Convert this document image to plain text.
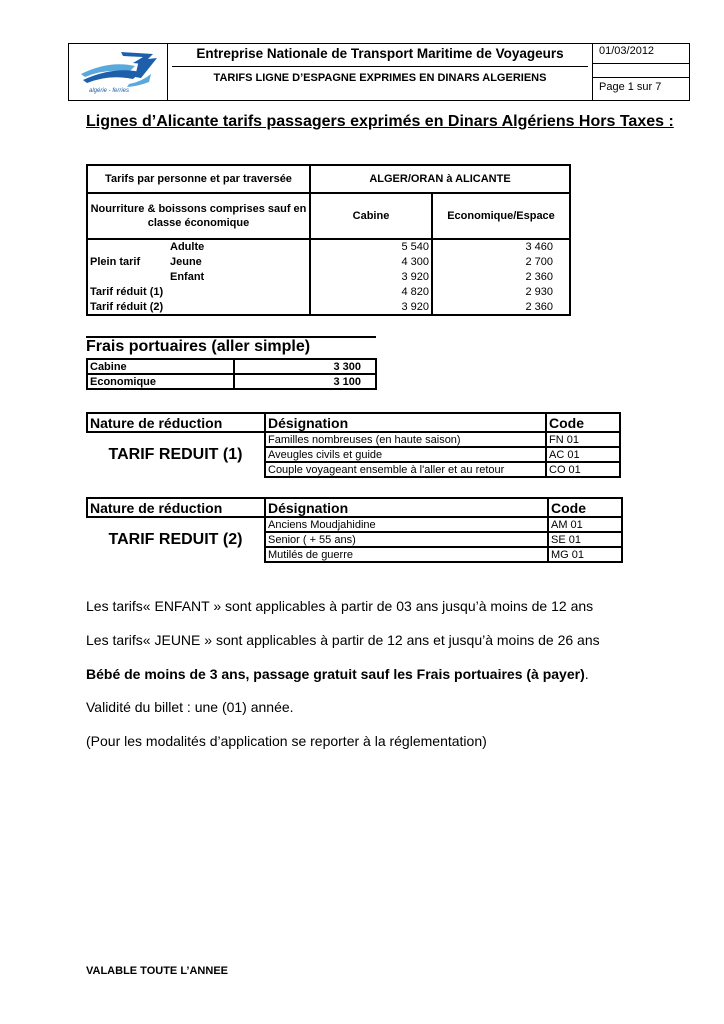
algérie - ferries
Entreprise Nationale de Transport Maritime de Voyageurs
TARIFS LIGNE D’ESPAGNE EXPRIMES EN DINARS ALGERIENS
01/03/2012
Page 1 sur 7
Lignes d’Alicante tarifs passagers exprimés en Dinars Algériens Hors Taxes :
Tarifs par personne et par traversée	ALGER/ORAN à ALICANTE	
Nourriture & boissons comprises sauf en classe économique	Cabine	Economique/Espace
Adulte	5 540	3 460
Plein tarif Jeune	4 300	2 700
Enfant	3 920	2 360
Tarif réduit (1)	4 820	2 930
Tarif réduit (2)	3 920	2 360
Frais portuaires (aller simple)
Cabine	3 300
Economique	3 100
Nature de réduction	Désignation	Code
TARIF REDUIT (1)	Familles nombreuses (en haute saison)	FN 01
	Aveugles civils et guide	AC 01
	Couple voyageant ensemble à l'aller et au retour	CO 01
Nature de réduction	Désignation	Code
TARIF REDUIT (2)	Anciens Moudjahidine	AM 01
	Senior ( + 55 ans)	SE 01
	Mutilés de guerre	MG 01
Les tarifs« ENFANT » sont applicables à partir de 03 ans jusqu’à moins de 12 ans
Les tarifs« JEUNE » sont applicables à partir de 12 ans et jusqu’à moins de 26 ans
Bébé de moins de 3 ans, passage gratuit sauf les Frais portuaires (à payer).
Validité du billet : une (01) année.
(Pour les modalités d’application se reporter à la réglementation)
VALABLE TOUTE L’ANNEE
